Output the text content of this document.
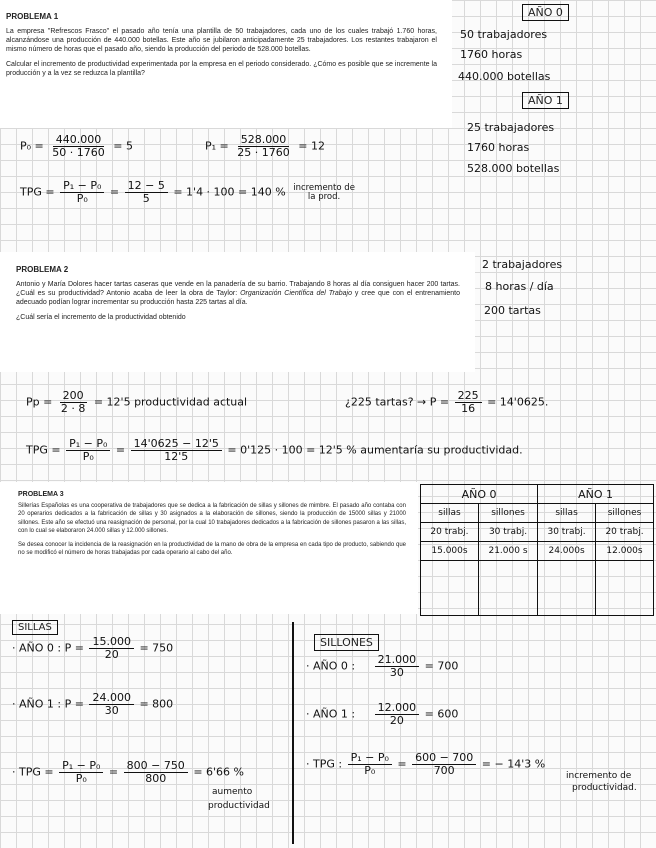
PROBLEMA 1

La empresa "Refrescos Frasco" el pasado año tenía una plantilla de 50 trabajadores, cada uno de los cuales trabajó 1.760 horas, alcanzándose una producción de 440.000 botellas. Este año se jubilaron anticipadamente 25 trabajadores. Los restantes trabajaron el mismo número de horas que el pasado año, siendo la producción del periodo de 528.000 botellas.

Calcular el incremento de productividad experimentada por la empresa en el periodo considerado. ¿Cómo es posible que se incremente la producción y a la vez se reduzca la plantilla?

AÑO 0
50 trabajadores
1760 horas
440.000 botellas
AÑO 1
25 trabajadores
1760 horas
528.000 botellas
$P_0 = \frac{440.000}{50 \cdot 1760} = 5$	$P_1 = \frac{528.000}{25 \cdot 1760} = 12$
TPG = $\frac{\text{P₁ − P₀}}{\text{P₀}} = \frac{12 - 5}{5} = 1'4 \cdot 100 = 140$ % incremento de
la prod.
PROBLEMA 2

Antonio y María Dolores hacer tartas caseras que vende en la panadería de su barrio. Trabajando 8 horas al día consiguen hacer 200 tartas. ¿Cuál es su productividad? Antonio acaba de leer la obra de Taylor: Organización Científica del Trabajo y cree que con el entrenamiento adecuado podían lograr incrementar su producción hasta 225 tartas al día.

¿Cuál sería el incremento de la productividad obtenido

2 trabajadores
8 horas / día
200 tartas
$Pp = \frac{200}{2 \cdot 8} = 12'5$ productividad actual	¿225 tartas? → $P = \frac{225}{16} = 14'0625$.
TPG = $\frac{\text{P₁ − P₀}}{\text{P₀}} = \frac{14'0625 - 12'5}{12'5} = 0'125 \cdot 100 = 12'5$ % aumentaría su productividad.
PROBLEMA 3

Sillerías Españolas es una cooperativa de trabajadores que se dedica a la fabricación de sillas y sillones de mimbre. El pasado año contaba con 20 operarios dedicados a la fabricación de sillas y 30 asignados a la elaboración de sillones, siendo la producción de 15000 sillas y 21000 sillones. Este año se efectuó una reasignación de personal, por la cual 10 trabajadores dedicados a la fabricación de sillones pasaron a las sillas, con lo cual se elaboraron 24.000 sillas y 12.000 sillones.

Se desea conocer la incidencia de la reasignación en la productividad de la mano de obra de la empresa en cada tipo de producto, sabiendo que no se modificó el número de horas trabajadas por cada operario al cabo del año.

AÑO 0		AÑO 1	
sillas	sillones	sillas	sillones
20 trabj.	30 trabj.	30 trabj.	20 trabj.
15.000s	21.000 s	24.000s	12.000s

SILLAS
· AÑO 0 : $P = \frac{15.000}{20} = 750$
· AÑO 1 : $P = \frac{24.000}{30} = 800$
· TPG = $\frac{\text{P₁ − P₀}}{\text{P₀}} = \frac{800 - 750}{800} = 6'66$ %
aumento
productividad
SILLONES
· AÑO 0 : $\frac{21.000}{30} = 700$
· AÑO 1 : $\frac{12.000}{20} = 600$
· TPG : $\frac{\text{P₁ − P₀}}{\text{P₀}} = \frac{600 - 700}{700}$ = − 14'3 %
incremento de
productividad.
